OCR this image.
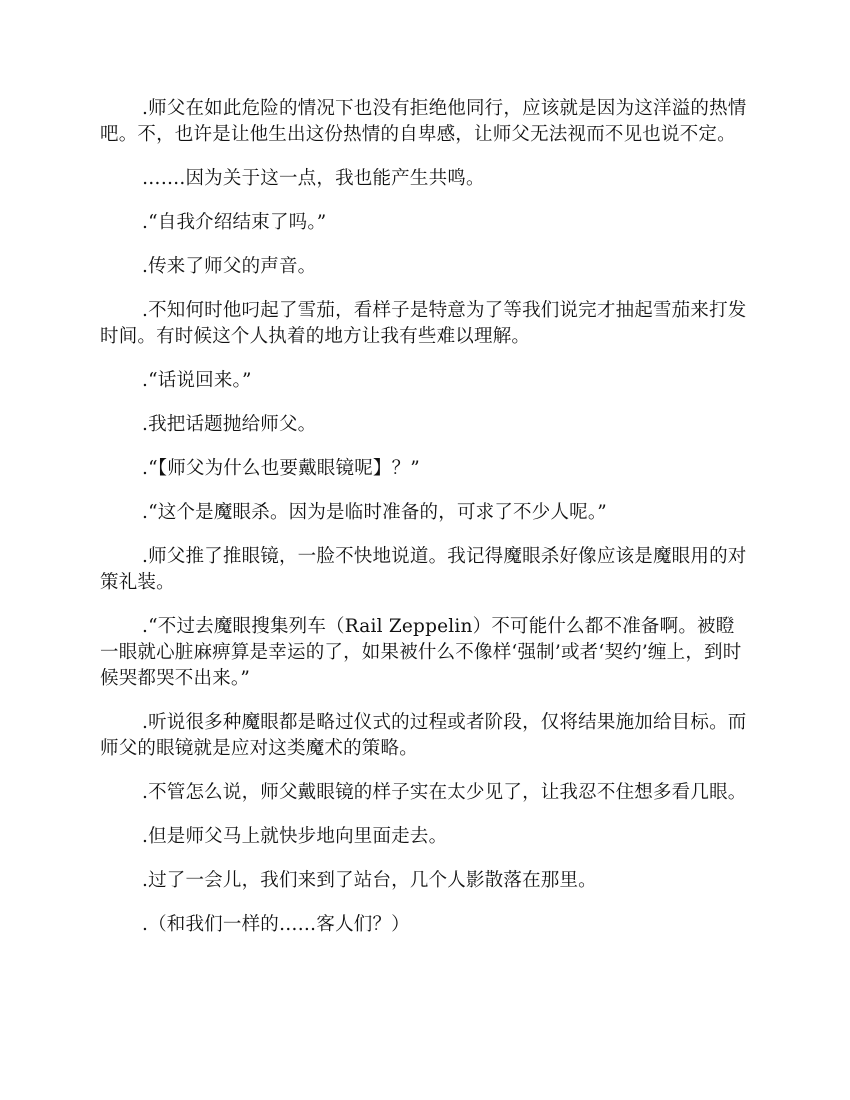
.师父在如此危险的情况下也没有拒绝他同行，应该就是因为这洋溢的热情吧。不，也许是让他生出这份热情的自卑感，让师父无法视而不见也说不定。

…….因为关于这一点，我也能产生共鸣。

.“自我介绍结束了吗。”

.传来了师父的声音。

.不知何时他叼起了雪茄，看样子是特意为了等我们说完才抽起雪茄来打发时间。有时候这个人执着的地方让我有些难以理解。

.“话说回来。”

.我把话题抛给师父。

.“【师父为什么也要戴眼镜呢】？”

.“这个是魔眼杀。因为是临时准备的，可求了不少人呢。”

.师父推了推眼镜，一脸不快地说道。我记得魔眼杀好像应该是魔眼用的对策礼装。

.“不过去魔眼搜集列车（Rail Zeppelin）不可能什么都不准备啊。被瞪一眼就心脏麻痹算是幸运的了，如果被什么不像样‘强制’或者‘契约’缠上，到时候哭都哭不出来。”

.听说很多种魔眼都是略过仪式的过程或者阶段，仅将结果施加给目标。而师父的眼镜就是应对这类魔术的策略。

.不管怎么说，师父戴眼镜的样子实在太少见了，让我忍不住想多看几眼。

.但是师父马上就快步地向里面走去。

.过了一会儿，我们来到了站台，几个人影散落在那里。

.（和我们一样的……客人们？）
